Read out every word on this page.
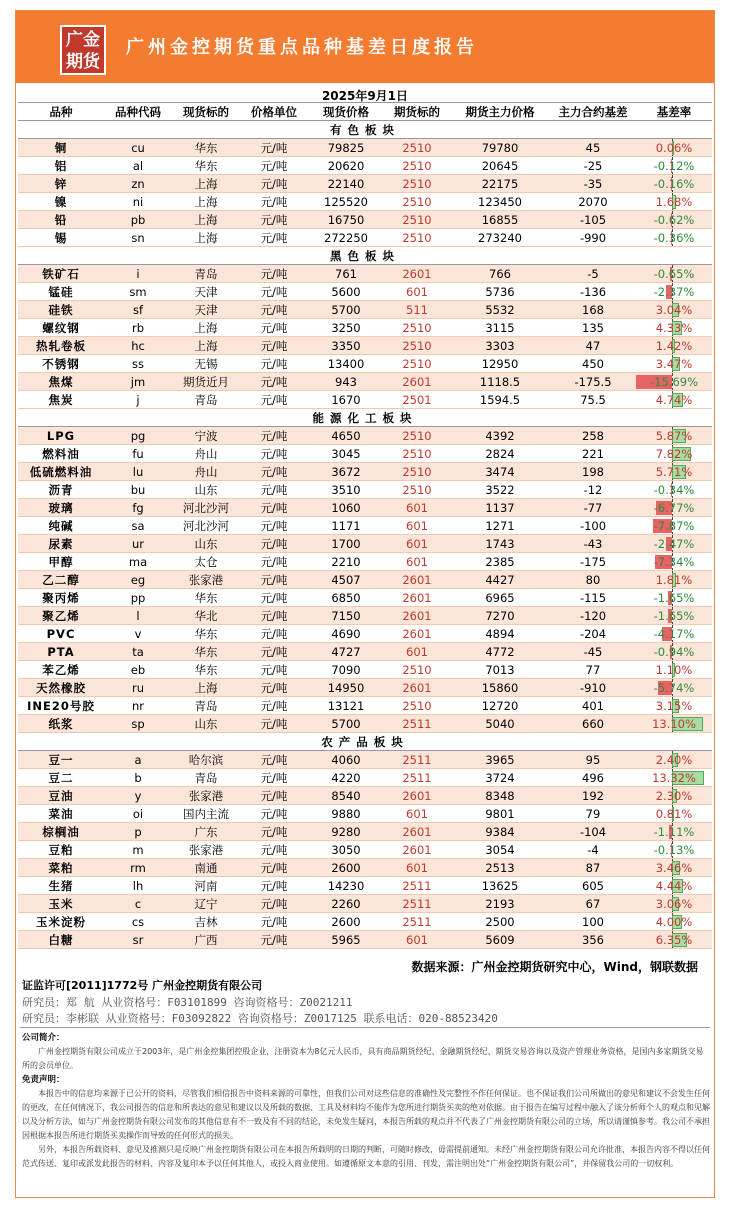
广金
期货
广州金控期货重点品种基差日度报告
2025年9月1日
品种	品种代码	现货标的	价格单位	现货价格	期货标的	期货主力价格	主力合约基差	基差率
有色板块								
铜	cu	华东	元/吨	79825	2510	79780	45	0.06%
铝	al	华东	元/吨	20620	2510	20645	-25	-0.12%
锌	zn	上海	元/吨	22140	2510	22175	-35	-0.16%
镍	ni	上海	元/吨	125520	2510	123450	2070	1.68%
铅	pb	上海	元/吨	16750	2510	16855	-105	-0.62%
锡	sn	上海	元/吨	272250	2510	273240	-990	-0.36%
黑色板块								
铁矿石	i	青岛	元/吨	761	2601	766	-5	-0.65%
锰硅	sm	天津	元/吨	5600	601	5736	-136	-2.37%
硅铁	sf	天津	元/吨	5700	511	5532	168	3.04%
螺纹钢	rb	上海	元/吨	3250	2510	3115	135	4.33%
热轧卷板	hc	上海	元/吨	3350	2510	3303	47	1.42%
不锈钢	ss	无锡	元/吨	13400	2510	12950	450	3.47%
焦煤	jm	期货近月	元/吨	943	2601	1118.5	-175.5	-15.69%
焦炭	j	青岛	元/吨	1670	2501	1594.5	75.5	4.74%
能源化工板块								
LPG	pg	宁波	元/吨	4650	2510	4392	258	5.87%
燃料油	fu	舟山	元/吨	3045	2510	2824	221	7.82%
低硫燃料油	lu	舟山	元/吨	3672	2510	3474	198	5.71%
沥青	bu	山东	元/吨	3510	2510	3522	-12	-0.34%
玻璃	fg	河北沙河	元/吨	1060	601	1137	-77	-6.77%
纯碱	sa	河北沙河	元/吨	1171	601	1271	-100	-7.87%
尿素	ur	山东	元/吨	1700	601	1743	-43	-2.47%
甲醇	ma	太仓	元/吨	2210	601	2385	-175	-7.34%
乙二醇	eg	张家港	元/吨	4507	2601	4427	80	1.81%
聚丙烯	pp	华东	元/吨	6850	2601	6965	-115	-1.65%
聚乙烯	l	华北	元/吨	7150	2601	7270	-120	-1.65%
PVC	v	华东	元/吨	4690	2601	4894	-204	-4.17%
PTA	ta	华东	元/吨	4727	601	4772	-45	-0.94%
苯乙烯	eb	华东	元/吨	7090	2510	7013	77	1.10%
天然橡胶	ru	上海	元/吨	14950	2601	15860	-910	-5.74%
INE20号胶	nr	青岛	元/吨	13121	2510	12720	401	3.15%
纸浆	sp	山东	元/吨	5700	2511	5040	660	13.10%
农产品板块								
豆一	a	哈尔滨	元/吨	4060	2511	3965	95	2.40%
豆二	b	青岛	元/吨	4220	2511	3724	496	13.32%
豆油	y	张家港	元/吨	8540	2601	8348	192	2.30%
菜油	oi	国内主流	元/吨	9880	601	9801	79	0.81%
棕榈油	p	广东	元/吨	9280	2601	9384	-104	-1.11%
豆粕	m	张家港	元/吨	3050	2601	3054	-4	-0.13%
菜粕	rm	南通	元/吨	2600	601	2513	87	3.46%
生猪	lh	河南	元/吨	14230	2511	13625	605	4.44%
玉米	c	辽宁	元/吨	2260	2511	2193	67	3.06%
玉米淀粉	cs	吉林	元/吨	2600	2511	2500	100	4.00%
白糖	sr	广西	元/吨	5965	601	5609	356	6.35%
数据来源：广州金控期货研究中心，Wind，钢联数据
证监许可[2011]1772号 广州金控期货有限公司
研究员：郑 航 从业资格号：F03101899 咨询资格号：Z0021211
研究员：李彬联 从业资格号：F03092822 咨询资格号：Z0017125 联系电话：020-88523420
公司简介：
广州金控期货有限公司成立于2003年，是广州金控集团控股企业，注册资本为8亿元人民币，具有商品期货经纪、金融期货经纪、期货交易咨询以及资产管理业务资格，是国内多家期货交易所的会员单位。
免责声明：
本报告中的信息均来源于已公开的资料，尽管我们相信报告中资料来源的可靠性，但我们公司对这些信息的准确性及完整性不作任何保证。也不保证我们公司所做出的意见和建议不会发生任何的更改，在任何情况下，我公司报告的信息和所表达的意见和建议以及所载的数据、工具及材料均不能作为您所进行期货买卖的绝对依据。由于报告在编写过程中融入了该分析师个人的观点和见解以及分析方法，如与广州金控期货有限公司发布的其他信息有不一致及有不同的结论，未免发生疑问，本报告所载的观点并不代表了广州金控期货有限公司的立场，所以请谨慎参考。我公司不承担因根据本报告所进行期货买卖操作而导致的任何形式的损失。
另外，本报告所载资料、意见及推测只是反映广州金控期货有限公司在本报告所载明的日期的判断，可随时修改，毋需提前通知。未经广州金控期货有限公司允许批准，本报告内容不得以任何范式传送、复印或派发此报告的材料、内容及复印本予以任何其他人，或投入商业使用。如遵循原文本意的引用、刊发，需注明出处“广州金控期货有限公司”，并保留我公司的一切权利。
